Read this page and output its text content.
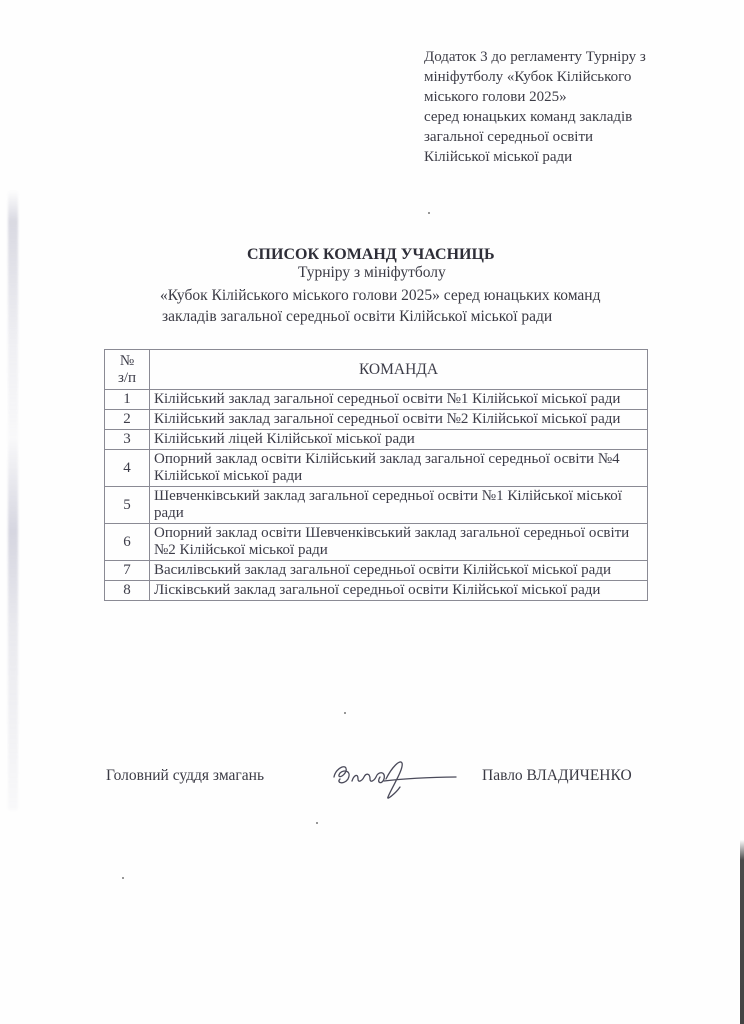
Додаток 3 до регламенту Турніру з
мініфутболу «Кубок Кілійського
міського голови 2025»
серед юнацьких команд закладів
загальної середньої освіти
Кілійської міської ради
СПИСОК КОМАНД УЧАСНИЦЬ
Турніру з мініфутболу
«Кубок Кілійського міського голови 2025» серед юнацьких команд
закладів загальної середньої освіти Кілійської міської ради
№
з/п	КОМАНДА
1	Кілійський заклад загальної середньої освіти №1 Кілійської міської ради
2	Кілійський заклад загальної середньої освіти №2 Кілійської міської ради
3	Кілійський ліцей Кілійської міської ради
4	Опорний заклад освіти Кілійський заклад загальної середньої освіти №4 Кілійської міської ради
5	Шевченківський заклад загальної середньої освіти №1 Кілійської міської ради
6	Опорний заклад освіти Шевченківський заклад загальної середньої освіти №2 Кілійської міської ради
7	Василівський заклад загальної середньої освіти Кілійської міської ради
8	Лісківський заклад загальної середньої освіти Кілійської міської ради
Головний суддя змагань	Павло ВЛАДИЧЕНКО
